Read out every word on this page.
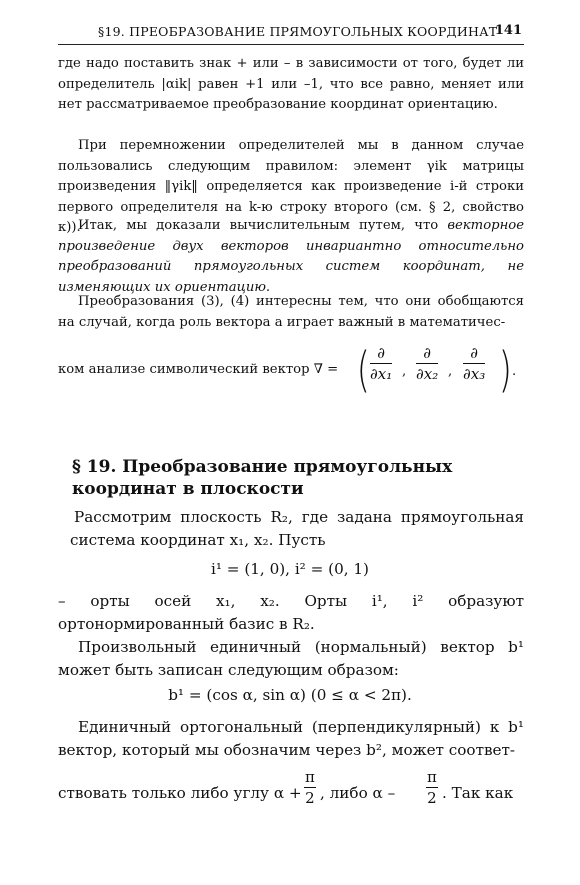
§19. ПРЕОБРАЗОВАНИЕ ПРЯМОУГОЛЬНЫХ КООРДИНАТ
141

где надо поставить знак + или – в зависимости от того, будет ли определитель |αik| равен +1 или –1, что все равно, меняет или нет рассматриваемое преобразование координат ориентацию.

При перемножении определителей мы в данном случае пользовались следующим правилом: элемент γik матрицы произведения ‖γik‖ определяется как произведение i-й строки первого определителя на k-ю строку второго (см. § 2, свойство к)).

Итак, мы доказали вычислительным путем, что векторное произведение двух векторов инвариантно относительно преобразований прямоугольных систем координат, не изменяющих их ориентацию.

Преобразования (3), (4) интересны тем, что они обобщаются на случай, когда роль вектора a играет важный в математичес-

ком анализе символический вектор ∇ = ( ∂
∂x₁ ,
∂
∂x₂ ,
∂
∂x₃ ) .
§ 19. Преобразование прямоугольных координат в плоскости

Рассмотрим плоскость R₂, где задана прямоугольная система координат x₁, x₂. Пусть

i¹ = (1, 0), i² = (0, 1)

– орты осей x₁, x₂. Орты i¹, i² образуют ортонормированный базис в R₂.

Произвольный единичный (нормальный) вектор b¹ может быть записан следующим образом:

b¹ = (cos α, sin α) (0 ≤ α < 2π).

Единичный ортогональный (перпендикулярный) к b¹ вектор, который мы обозначим через b², может соответ-

ствовать только либо углу $\alpha + \frac{\pi}{2}$ , либо α – $\frac{\pi}{2}$ . Так как
